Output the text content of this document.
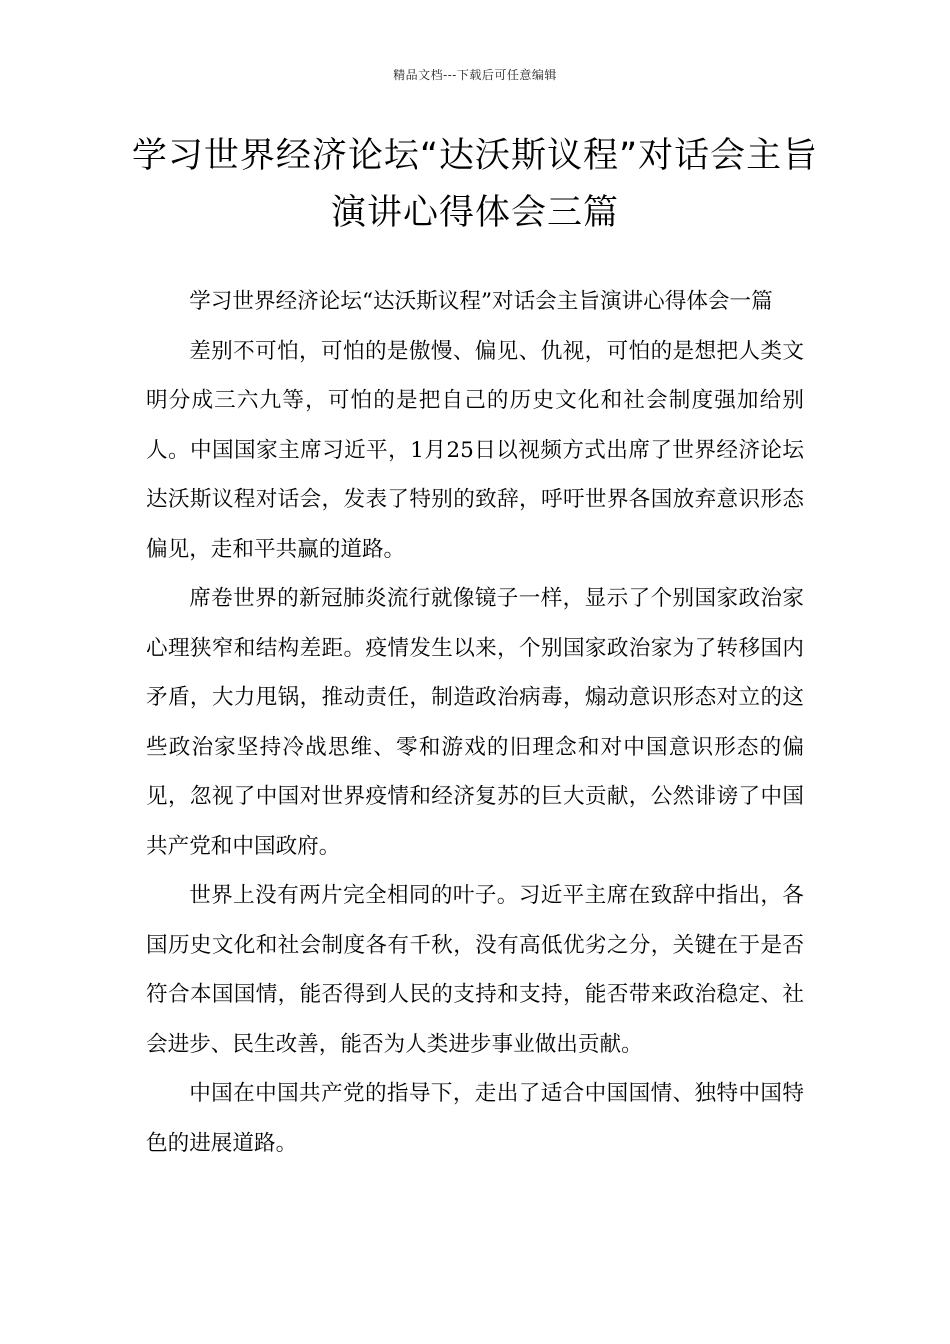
精品文档---下载后可任意编辑
学习世界经济论坛“达沃斯议程”对话会主旨演讲心得体会三篇

学习世界经济论坛“达沃斯议程”对话会主旨演讲心得体会一篇

差别不可怕，可怕的是傲慢、偏见、仇视，可怕的是想把人类文明分成三六九等，可怕的是把自己的历史文化和社会制度强加给别人。中国国家主席习近平，1月25日以视频方式出席了世界经济论坛达沃斯议程对话会，发表了特别的致辞，呼吁世界各国放弃意识形态偏见，走和平共赢的道路。

席卷世界的新冠肺炎流行就像镜子一样，显示了个别国家政治家心理狭窄和结构差距。疫情发生以来，个别国家政治家为了转移国内矛盾，大力甩锅，推动责任，制造政治病毒，煽动意识形态对立的这些政治家坚持冷战思维、零和游戏的旧理念和对中国意识形态的偏见，忽视了中国对世界疫情和经济复苏的巨大贡献，公然诽谤了中国共产党和中国政府。

世界上没有两片完全相同的叶子。习近平主席在致辞中指出，各国历史文化和社会制度各有千秋，没有高低优劣之分，关键在于是否符合本国国情，能否得到人民的支持和支持，能否带来政治稳定、社会进步、民生改善，能否为人类进步事业做出贡献。

中国在中国共产党的指导下，走出了适合中国国情、独特中国特色的进展道路。
